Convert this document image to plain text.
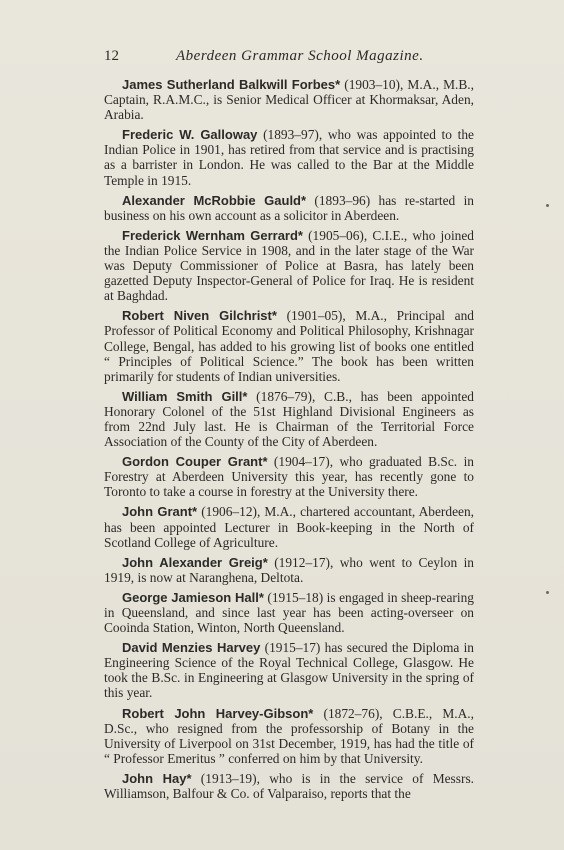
12	Aberdeen Grammar School Magazine.

James Sutherland Balkwill Forbes* (1903–10), M.A., M.B., Captain, R.A.M.C., is Senior Medical Officer at Khormaksar, Aden, Arabia.

Frederic W. Galloway (1893–97), who was appointed to the Indian Police in 1901, has retired from that service and is practising as a barrister in London. He was called to the Bar at the Middle Temple in 1915.

Alexander McRobbie Gauld* (1893–96) has re-started in business on his own account as a solicitor in Aberdeen.

Frederick Wernham Gerrard* (1905–06), C.I.E., who joined the Indian Police Service in 1908, and in the later stage of the War was Deputy Commissioner of Police at Basra, has lately been gazetted Deputy Inspector-General of Police for Iraq. He is resident at Baghdad.

Robert Niven Gilchrist* (1901–05), M.A., Principal and Professor of Political Economy and Political Philosophy, Krishnagar College, Bengal, has added to his growing list of books one entitled “ Principles of Political Science.” The book has been written primarily for students of Indian universities.

William Smith Gill* (1876–79), C.B., has been appointed Honorary Colonel of the 51st Highland Divisional Engineers as from 22nd July last. He is Chairman of the Territorial Force Association of the County of the City of Aberdeen.

Gordon Couper Grant* (1904–17), who graduated B.Sc. in Forestry at Aberdeen University this year, has recently gone to Toronto to take a course in forestry at the University there.

John Grant* (1906–12), M.A., chartered accountant, Aberdeen, has been appointed Lecturer in Book-keeping in the North of Scotland College of Agriculture.

John Alexander Greig* (1912–17), who went to Ceylon in 1919, is now at Naranghena, Deltota.

George Jamieson Hall* (1915–18) is engaged in sheep-rearing in Queensland, and since last year has been acting-overseer on Cooinda Station, Winton, North Queensland.

David Menzies Harvey (1915–17) has secured the Diploma in Engineering Science of the Royal Technical College, Glasgow. He took the B.Sc. in Engineering at Glasgow University in the spring of this year.

Robert John Harvey-Gibson* (1872–76), C.B.E., M.A., D.Sc., who resigned from the professorship of Botany in the University of Liverpool on 31st December, 1919, has had the title of “ Professor Emeritus ” conferred on him by that University.

John Hay* (1913–19), who is in the service of Messrs. Williamson, Balfour & Co. of Valparaiso, reports that the
